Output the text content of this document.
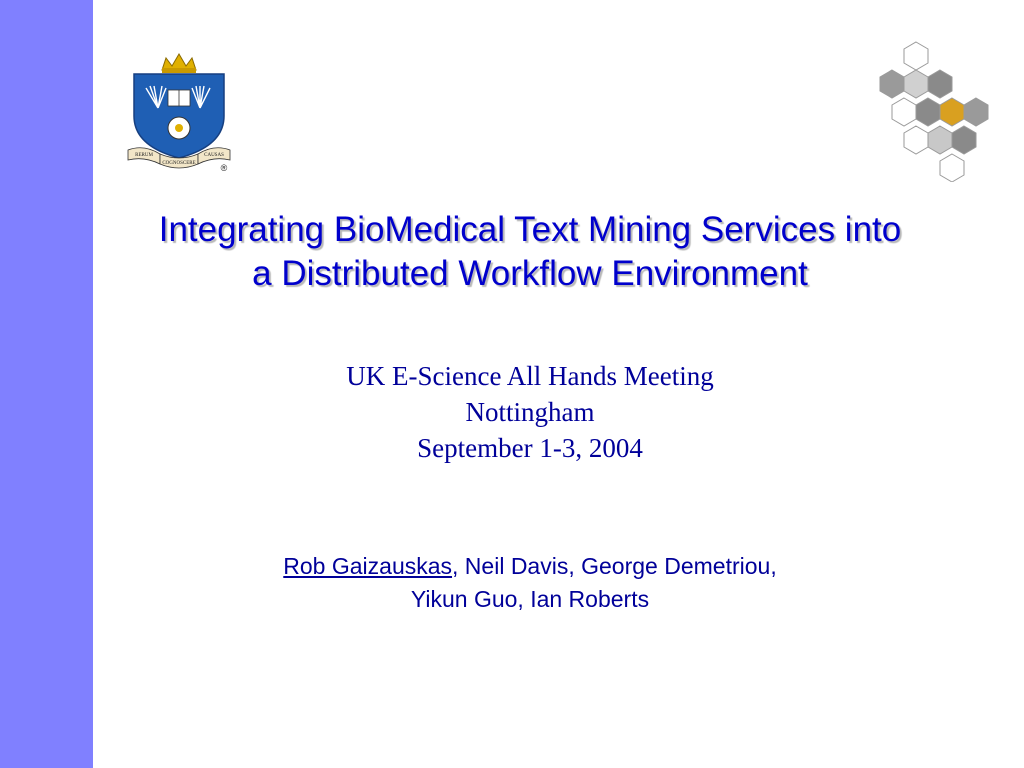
RERUM
COGNOSCERE
CAUSAS
®
Integrating BioMedical Text Mining Services into
a Distributed Workflow Environment
UK E-Science All Hands Meeting
Nottingham
September 1-3, 2004
Rob Gaizauskas, Neil Davis, George Demetriou,
Yikun Guo, Ian Roberts
